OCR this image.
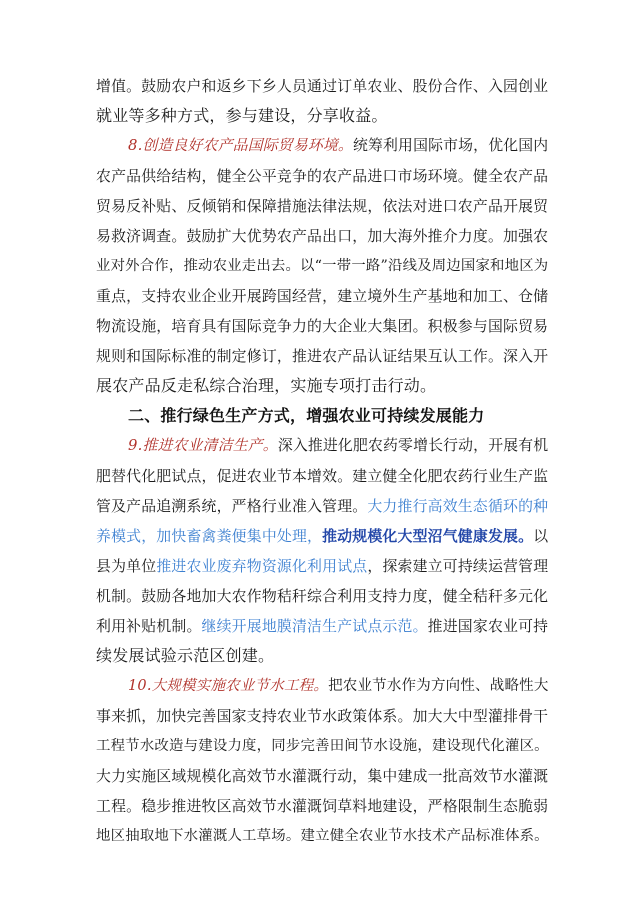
增值。鼓励农户和返乡下乡人员通过订单农业、股份合作、入园创业
就业等多种方式，参与建设，分享收益。
8.创造良好农产品国际贸易环境。统筹利用国际市场，优化国内
农产品供给结构，健全公平竞争的农产品进口市场环境。健全农产品
贸易反补贴、反倾销和保障措施法律法规，依法对进口农产品开展贸
易救济调查。鼓励扩大优势农产品出口，加大海外推介力度。加强农
业对外合作，推动农业走出去。以“一带一路”沿线及周边国家和地区为
重点，支持农业企业开展跨国经营，建立境外生产基地和加工、仓储
物流设施，培育具有国际竞争力的大企业大集团。积极参与国际贸易
规则和国际标准的制定修订，推进农产品认证结果互认工作。深入开
展农产品反走私综合治理，实施专项打击行动。
二、推行绿色生产方式，增强农业可持续发展能力
9.推进农业清洁生产。深入推进化肥农药零增长行动，开展有机
肥替代化肥试点，促进农业节本增效。建立健全化肥农药行业生产监
管及产品追溯系统，严格行业准入管理。大力推行高效生态循环的种
养模式，加快畜禽粪便集中处理，推动规模化大型沼气健康发展。以
县为单位推进农业废弃物资源化利用试点，探索建立可持续运营管理
机制。鼓励各地加大农作物秸秆综合利用支持力度，健全秸秆多元化
利用补贴机制。继续开展地膜清洁生产试点示范。推进国家农业可持
续发展试验示范区创建。
10.大规模实施农业节水工程。把农业节水作为方向性、战略性大
事来抓，加快完善国家支持农业节水政策体系。加大大中型灌排骨干
工程节水改造与建设力度，同步完善田间节水设施，建设现代化灌区。
大力实施区域规模化高效节水灌溉行动，集中建成一批高效节水灌溉
工程。稳步推进牧区高效节水灌溉饲草料地建设，严格限制生态脆弱
地区抽取地下水灌溉人工草场。建立健全农业节水技术产品标准体系。
